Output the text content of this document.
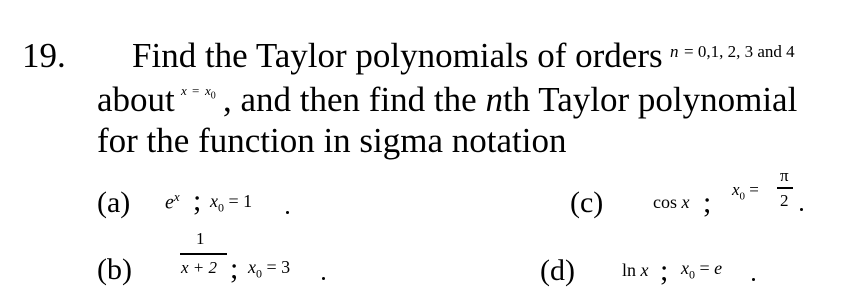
19. Find the Taylor polynomials of orders n = 0,1, 2, 3 and 4
about $x = x_0$ , and then find the nth Taylor polynomial
for the function in sigma notation
(a) $e^x$ ; $x_0 = 1$
(b)
1
x + 2 ; $x_0 = 3$
(c)	cos x ; $x_0$ =
π
2
(d)	ln x ; $x_0 = e$
